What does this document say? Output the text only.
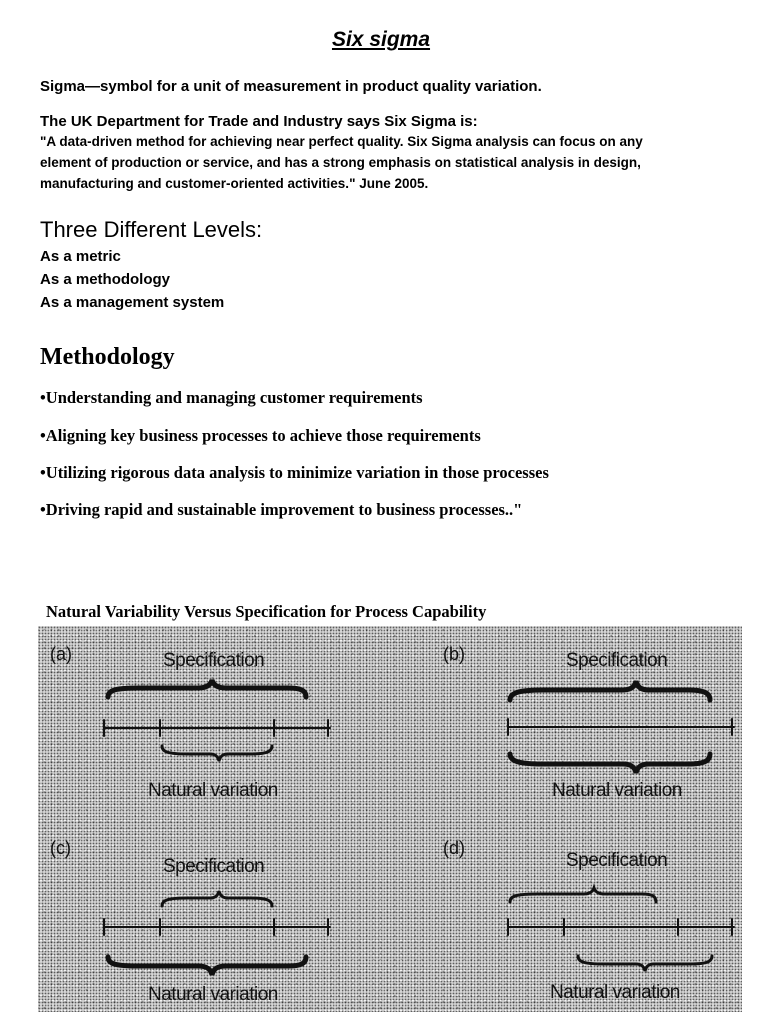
Six sigma
Sigma—symbol for a unit of measurement in product quality variation.
The UK Department for Trade and Industry says Six Sigma is:
"A data-driven method for achieving near perfect quality. Six Sigma analysis can focus on any
element of production or service, and has a strong emphasis on statistical analysis in design,
manufacturing and customer-oriented activities." June 2005.
Three Different Levels:
As a metric
As a methodology
As a management system
Methodology
•Understanding and managing customer requirements
•Aligning key business processes to achieve those requirements
•Utilizing rigorous data analysis to minimize variation in those processes
•Driving rapid and sustainable improvement to business processes.."
Natural Variability Versus Specification for Process Capability
(a)	Specification
Natural variation
(b)	Specification
Natural variation
(c)
Specification
Natural variation
(d)
Specification
Natural variation
